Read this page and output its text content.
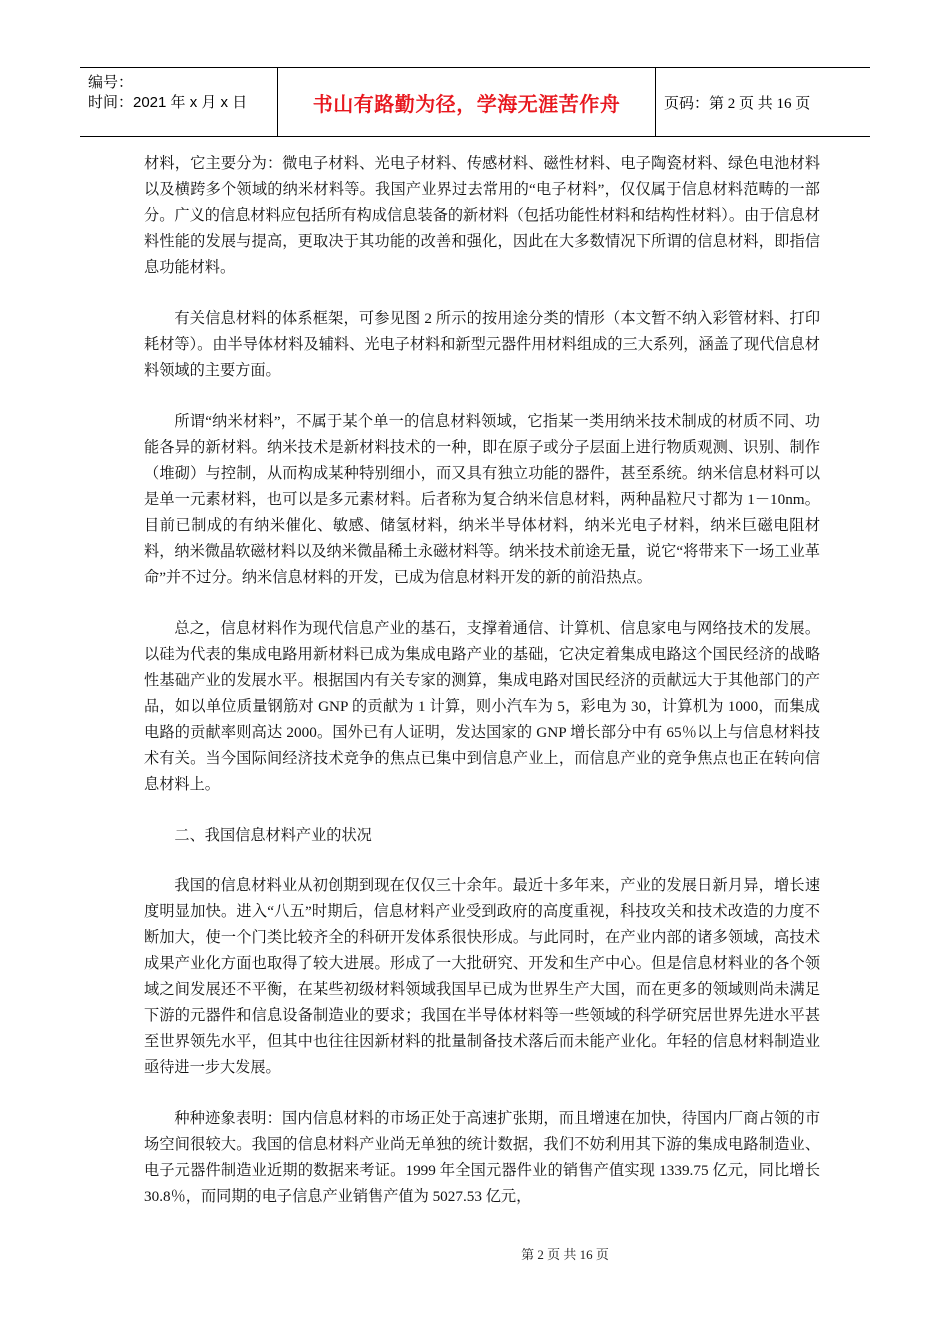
编号：
时间：2021 年 x 月 x 日	书山有路勤为径，学海无涯苦作舟	页码：第 2 页 共 16 页

材料，它主要分为：微电子材料、光电子材料、传感材料、磁性材料、电子陶瓷材料、绿色电池材料以及横跨多个领域的纳米材料等。我国产业界过去常用的“电子材料”，仅仅属于信息材料范畴的一部分。广义的信息材料应包括所有构成信息装备的新材料（包括功能性材料和结构性材料）。由于信息材料性能的发展与提高，更取决于其功能的改善和强化，因此在大多数情况下所谓的信息材料，即指信息功能材料。

有关信息材料的体系框架，可参见图 2 所示的按用途分类的情形（本文暂不纳入彩管材料、打印耗材等）。由半导体材料及辅料、光电子材料和新型元器件用材料组成的三大系列，涵盖了现代信息材料领域的主要方面。

所谓“纳米材料”，不属于某个单一的信息材料领域，它指某一类用纳米技术制成的材质不同、功能各异的新材料。纳米技术是新材料技术的一种，即在原子或分子层面上进行物质观测、识别、制作（堆砌）与控制，从而构成某种特别细小，而又具有独立功能的器件，甚至系统。纳米信息材料可以是单一元素材料，也可以是多元素材料。后者称为复合纳米信息材料，两种晶粒尺寸都为 1－10nm。目前已制成的有纳米催化、敏感、储氢材料，纳米半导体材料，纳米光电子材料，纳米巨磁电阻材料，纳米微晶软磁材料以及纳米微晶稀土永磁材料等。纳米技术前途无量，说它“将带来下一场工业革命”并不过分。纳米信息材料的开发，已成为信息材料开发的新的前沿热点。

总之，信息材料作为现代信息产业的基石，支撑着通信、计算机、信息家电与网络技术的发展。以硅为代表的集成电路用新材料已成为集成电路产业的基础，它决定着集成电路这个国民经济的战略性基础产业的发展水平。根据国内有关专家的测算，集成电路对国民经济的贡献远大于其他部门的产品，如以单位质量钢筋对 GNP 的贡献为 1 计算，则小汽车为 5，彩电为 30，计算机为 1000，而集成电路的贡献率则高达 2000。国外已有人证明，发达国家的 GNP 增长部分中有 65％以上与信息材料技术有关。当今国际间经济技术竞争的焦点已集中到信息产业上，而信息产业的竞争焦点也正在转向信息材料上。

二、我国信息材料产业的状况

我国的信息材料业从初创期到现在仅仅三十余年。最近十多年来，产业的发展日新月异，增长速度明显加快。进入“八五”时期后，信息材料产业受到政府的高度重视，科技攻关和技术改造的力度不断加大，使一个门类比较齐全的科研开发体系很快形成。与此同时，在产业内部的诸多领域，高技术成果产业化方面也取得了较大进展。形成了一大批研究、开发和生产中心。但是信息材料业的各个领域之间发展还不平衡，在某些初级材料领域我国早已成为世界生产大国，而在更多的领域则尚未满足下游的元器件和信息设备制造业的要求；我国在半导体材料等一些领域的科学研究居世界先进水平甚至世界领先水平，但其中也往往因新材料的批量制备技术落后而未能产业化。年轻的信息材料制造业亟待进一步大发展。

种种迹象表明：国内信息材料的市场正处于高速扩张期，而且增速在加快，待国内厂商占领的市场空间很较大。我国的信息材料产业尚无单独的统计数据，我们不妨利用其下游的集成电路制造业、电子元器件制造业近期的数据来考证。1999 年全国元器件业的销售产值实现 1339.75 亿元，同比增长 30.8％，而同期的电子信息产业销售产值为 5027.53 亿元，

第 2 页 共 16 页
